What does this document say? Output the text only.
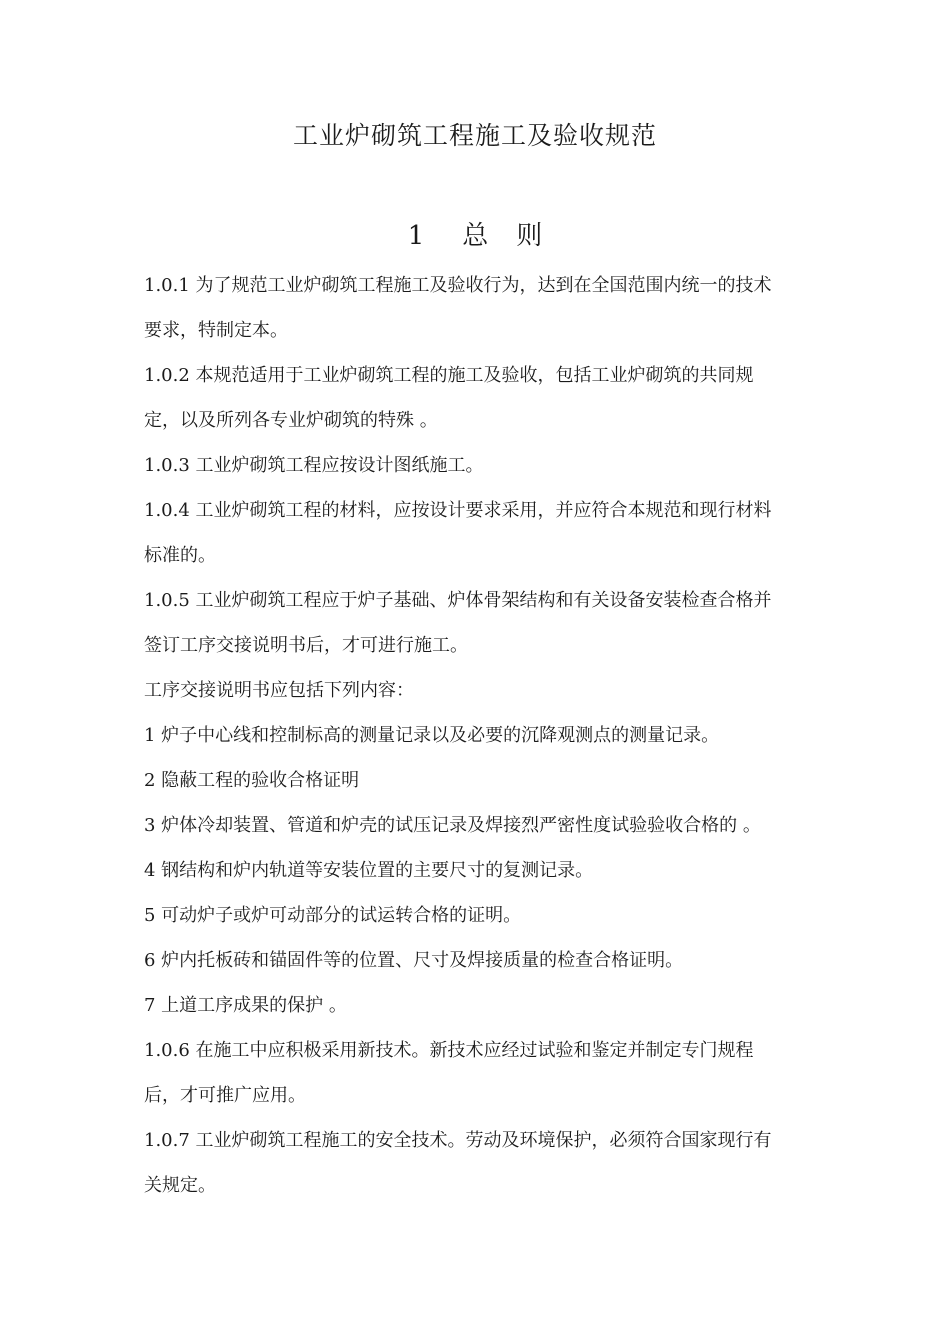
工业炉砌筑工程施工及验收规范
1 总 则
1.0.1 为了规范工业炉砌筑工程施工及验收行为，达到在全国范围内统一的技术
要求，特制定本。
1.0.2 本规范适用于工业炉砌筑工程的施工及验收，包括工业炉砌筑的共同规
定，以及所列各专业炉砌筑的特殊 。
1.0.3 工业炉砌筑工程应按设计图纸施工。
1.0.4 工业炉砌筑工程的材料，应按设计要求采用，并应符合本规范和现行材料
标准的。
1.0.5 工业炉砌筑工程应于炉子基础、炉体骨架结构和有关设备安装检查合格并
签订工序交接说明书后，才可进行施工。
工序交接说明书应包括下列内容：
1 炉子中心线和控制标高的测量记录以及必要的沉降观测点的测量记录。
2 隐蔽工程的验收合格证明
3 炉体冷却装置、管道和炉壳的试压记录及焊接烈严密性度试验验收合格的 。
4 钢结构和炉内轨道等安装位置的主要尺寸的复测记录。
5 可动炉子或炉可动部分的试运转合格的证明。
6 炉内托板砖和锚固件等的位置、尺寸及焊接质量的检查合格证明。
7 上道工序成果的保护 。
1.0.6 在施工中应积极采用新技术。新技术应经过试验和鉴定并制定专门规程
后，才可推广应用。
1.0.7 工业炉砌筑工程施工的安全技术。劳动及环境保护，必须符合国家现行有
关规定。
